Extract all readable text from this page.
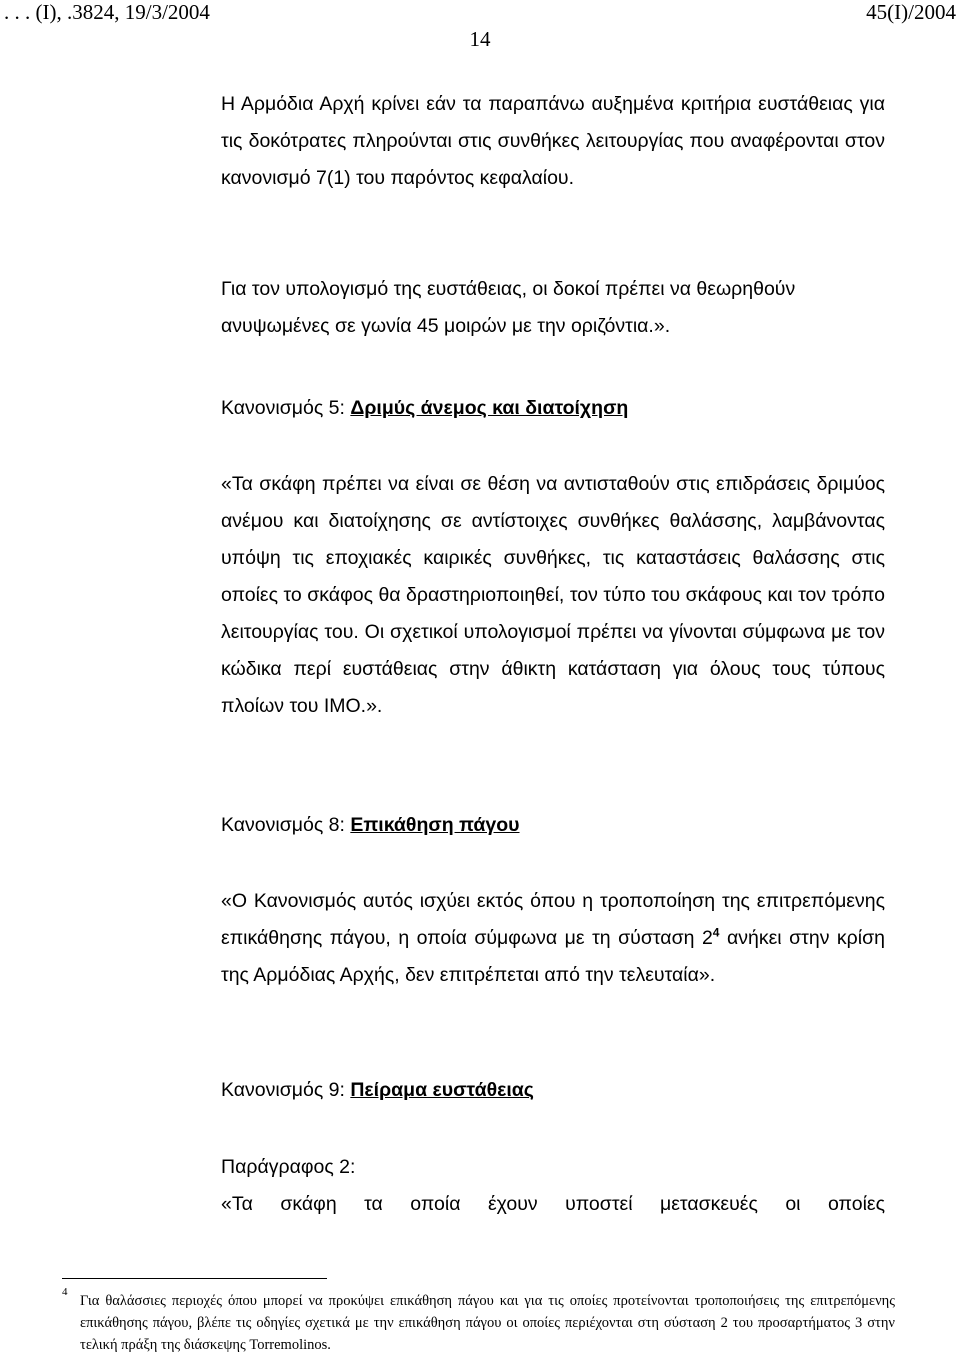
. . . (Ι), .3824, 19/3/2004	45(I)/2004
14
Η Αρμόδια Αρχή κρίνει εάν τα παραπάνω αυξημένα κριτήρια ευστάθειας για τις δοκότρατες πληρούνται στις συνθήκες λειτουργίας που αναφέρονται στον κανονισμό 7(1) του παρόντος κεφαλαίου.
Για τον υπολογισμό της ευστάθειας, οι δοκοί πρέπει να θεωρηθούν ανυψωμένες σε γωνία 45 μοιρών με την οριζόντια.».
Κανονισμός 5: Δριμύς άνεμος και διατοίχηση
«Τα σκάφη πρέπει να είναι σε θέση να αντισταθούν στις επιδράσεις δριμύος ανέμου και διατοίχησης σε αντίστοιχες συνθήκες θαλάσσης, λαμβάνοντας υπόψη τις εποχιακές καιρικές συνθήκες, τις καταστάσεις θαλάσσης στις οποίες το σκάφος θα δραστηριοποιηθεί, τον τύπο του σκάφους και τον τρόπο λειτουργίας του. Οι σχετικοί υπολογισμοί πρέπει να γίνονται σύμφωνα με τον κώδικα περί ευστάθειας στην άθικτη κατάσταση για όλους τους τύπους πλοίων του IMO.».
Κανονισμός 8: Επικάθηση πάγου
«Ο Κανονισμός αυτός ισχύει εκτός όπου η τροποποίηση της επιτρεπόμενης επικάθησης πάγου, η οποία σύμφωνα με τη σύσταση 2$^4$ ανήκει στην κρίση της Αρμόδιας Αρχής, δεν επιτρέπεται από την τελευταία».
Κανονισμός 9: Πείραμα ευστάθειας
Παράγραφος 2:
«Τα σκάφη τα οποία έχουν υποστεί μετασκευές οι οποίες
4
Για θαλάσσιες περιοχές όπου μπορεί να προκύψει επικάθηση πάγου και για τις οποίες προτείνονται τροποποιήσεις της επιτρεπόμενης επικάθησης πάγου, βλέπε τις οδηγίες σχετικά με την επικάθηση πάγου οι οποίες περιέχονται στη σύσταση 2 του προσαρτήματος 3 στην τελική πράξη της διάσκεψης Torremolinos.
